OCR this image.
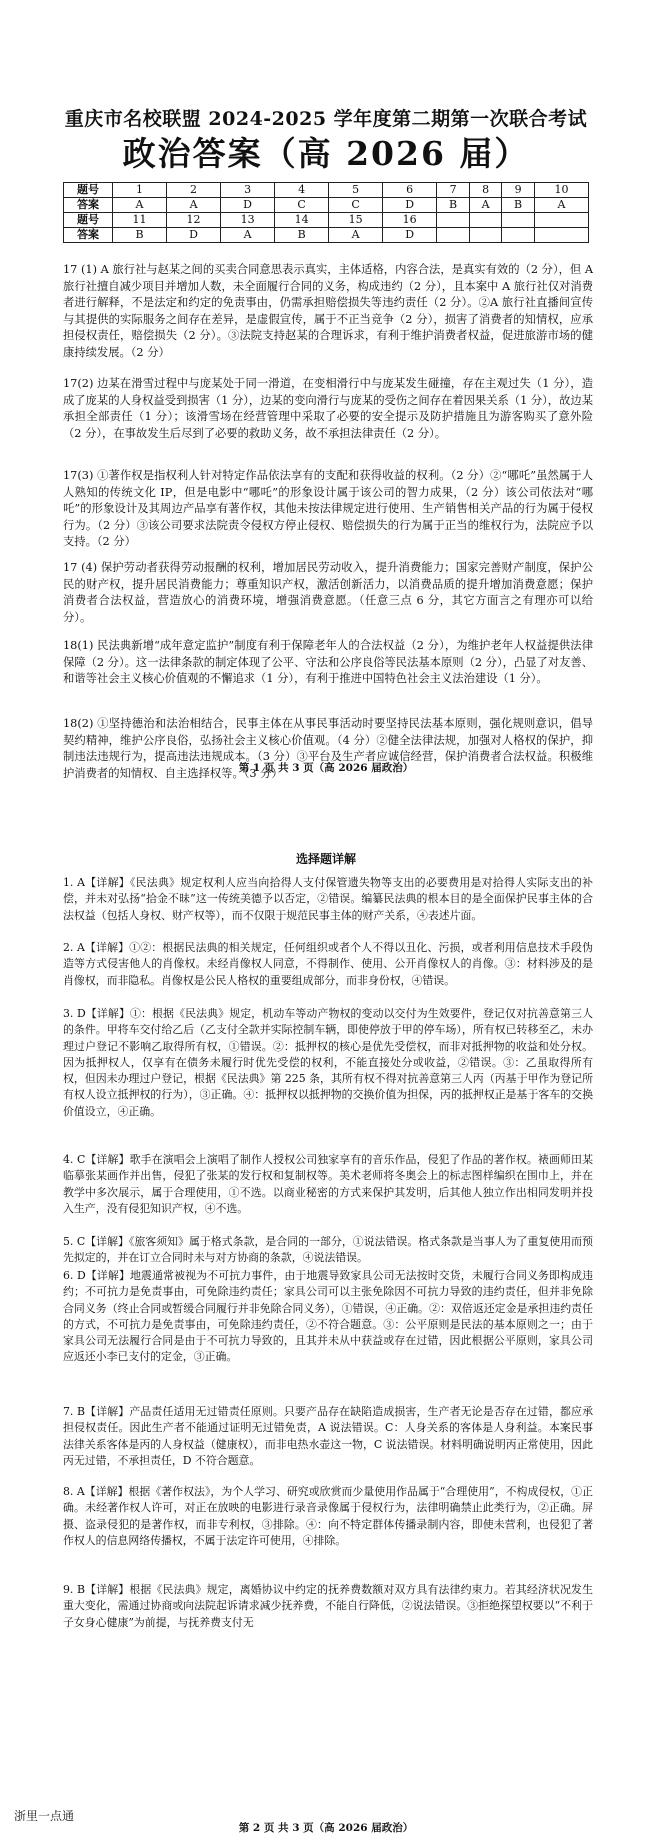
重庆市名校联盟 2024-2025 学年度第二期第一次联合考试
政治答案（高 2026 届）
题号	1	2	3	4	5	6	7	8	9	10
答案	A	A	D	C	C	D	B	A	B	A
题号	11	12	13	14	15	16				
答案	B	D	A	B	A	D				

17 (1) A 旅行社与赵某之间的买卖合同意思表示真实，主体适格，内容合法，是真实有效的（2 分），但 A 旅行社擅自减少项目并增加人数，未全面履行合同的义务，构成违约（2 分），且本案中 A 旅行社仅对消费者进行解释，不是法定和约定的免责事由，仍需承担赔偿损失等违约责任（2 分）。②A 旅行社直播间宣传与其提供的实际服务之间存在差异，是虚假宣传，属于不正当竞争（2 分），损害了消费者的知情权，应承担侵权责任，赔偿损失（2 分）。③法院支持赵某的合理诉求，有利于维护消费者权益，促进旅游市场的健康持续发展。（2 分）

17(2) 边某在滑雪过程中与庞某处于同一滑道，在变相滑行中与庞某发生碰撞，存在主观过失（1 分），造成了庞某的人身权益受到损害（1 分），边某的变向滑行与庞某的受伤之间存在着因果关系（1 分），故边某承担全部责任（1 分）；该滑雪场在经营管理中采取了必要的安全提示及防护措施且为游客购买了意外险（2 分），在事故发生后尽到了必要的救助义务，故不承担法律责任（2 分）。

17(3) ①著作权是指权利人针对特定作品依法享有的支配和获得收益的权利。（2 分）②“哪吒”虽然属于人人熟知的传统文化 IP，但是电影中“哪吒”的形象设计属于该公司的智力成果，（2 分）该公司依法对“哪吒”的形象设计及其周边产品享有著作权，其他未按法律规定进行使用、生产销售相关产品的行为属于侵权行为。（2 分）③该公司要求法院责令侵权方停止侵权、赔偿损失的行为属于正当的维权行为，法院应予以支持。（2 分）

17 (4) 保护劳动者获得劳动报酬的权利，增加居民劳动收入，提升消费能力；国家完善财产制度，保护公民的财产权，提升居民消费能力；尊重知识产权，激活创新活力，以消费品质的提升增加消费意愿；保护消费者合法权益，营造放心的消费环境，增强消费意愿。（任意三点 6 分，其它方面言之有理亦可以给分）。

18(1) 民法典新增“成年意定监护”制度有利于保障老年人的合法权益（2 分），为维护老年人权益提供法律保障（2 分）。这一法律条款的制定体现了公平、守法和公序良俗等民法基本原则（2 分），凸显了对友善、和谐等社会主义核心价值观的不懈追求（1 分），有利于推进中国特色社会主义法治建设（1 分）。

18(2) ①坚持德治和法治相结合，民事主体在从事民事活动时要坚持民法基本原则，强化规则意识，倡导契约精神，维护公序良俗，弘扬社会主义核心价值观。（4 分）②健全法律法规，加强对人格权的保护，抑制违法违规行为，提高违法违规成本。（3 分）③平台及生产者应诚信经营，保护消费者合法权益。积极维护消费者的知情权、自主选择权等。（3 分）

第 1 页 共 3 页（高 2026 届政治）
选择题详解

1. A【详解】《民法典》规定权利人应当向拾得人支付保管遗失物等支出的必要费用是对拾得人实际支出的补偿，并未对弘扬“拾金不昧”这一传统美德予以否定，②错误。编纂民法典的根本目的是全面保护民事主体的合法权益（包括人身权、财产权等），而不仅限于规范民事主体的财产关系，④表述片面。

2. A【详解】①②：根据民法典的相关规定，任何组织或者个人不得以丑化、污损，或者利用信息技术手段伪造等方式侵害他人的肖像权。未经肖像权人同意，不得制作、使用、公开肖像权人的肖像。③：材料涉及的是肖像权，而非隐私。肖像权是公民人格权的重要组成部分，而非身份权，④错误。

3. D【详解】①：根据《民法典》规定，机动车等动产物权的变动以交付为生效要件，登记仅对抗善意第三人的条件。甲将车交付给乙后（乙支付全款并实际控制车辆，即使停放于甲的停车场），所有权已转移至乙，未办理过户登记不影响乙取得所有权，①错误。②：抵押权的核心是优先受偿权，而非对抵押物的收益和处分权。因为抵押权人，仅享有在债务未履行时优先受偿的权利，不能直接处分或收益，②错误。③：乙虽取得所有权，但因未办理过户登记，根据《民法典》第 225 条，其所有权不得对抗善意第三人丙（丙基于甲作为登记所有权人设立抵押权的行为），③正确。④：抵押权以抵押物的交换价值为担保，丙的抵押权正是基于客车的交换价值设立，④正确。

4. C【详解】歌手在演唱会上演唱了制作人授权公司独家享有的音乐作品，侵犯了作品的著作权。裱画师田某临摹张某画作并出售，侵犯了张某的发行权和复制权等。美术老师将冬奥会上的标志图样编织在围巾上，并在教学中多次展示，属于合理使用，①不选。以商业秘密的方式来保护其发明，后其他人独立作出相同发明并投入生产，没有侵犯知识产权，④不选。

5. C【详解】《旅客须知》属于格式条款，是合同的一部分，①说法错误。格式条款是当事人为了重复使用而预先拟定的，并在订立合同时未与对方协商的条款，④说法错误。

6. D【详解】地震通常被视为不可抗力事件，由于地震导致家具公司无法按时交货，未履行合同义务即构成违约；不可抗力是免责事由，可免除违约责任；家具公司可以主张免除因不可抗力导致的违约责任，但并非免除合同义务（终止合同或暂缓合同履行并非免除合同义务），①错误，④正确。②：双倍返还定金是承担违约责任的方式，不可抗力是免责事由，可免除违约责任，②不符合题意。③：公平原则是民法的基本原则之一；由于家具公司无法履行合同是由于不可抗力导致的，且其并未从中获益或存在过错，因此根据公平原则，家具公司应返还小李已支付的定金，③正确。

7. B【详解】产品责任适用无过错责任原则。只要产品存在缺陷造成损害，生产者无论是否存在过错，都应承担侵权责任。因此生产者不能通过证明无过错免责，A 说法错误。C：人身关系的客体是人身利益。本案民事法律关系客体是丙的人身权益（健康权），而非电热水壶这一物，C 说法错误。材料明确说明丙正常使用，因此丙无过错，不承担责任，D 不符合题意。

8. A【详解】根据《著作权法》，为个人学习、研究或欣赏而少量使用作品属于“合理使用”，不构成侵权，①正确。未经著作权人许可，对正在放映的电影进行录音录像属于侵权行为，法律明确禁止此类行为，②正确。屏摄、盗录侵犯的是著作权，而非专利权，③排除。④：向不特定群体传播录制内容，即使未营利，也侵犯了著作权人的信息网络传播权，不属于法定许可使用，④排除。

9. B【详解】根据《民法典》规定，离婚协议中约定的抚养费数额对双方具有法律约束力。若其经济状况发生重大变化，需通过协商或向法院起诉请求减少抚养费，不能自行降低，②说法错误。③拒绝探望权要以“不利于子女身心健康”为前提，与抚养费支付无

第 2 页 共 3 页（高 2026 届政治）
浙里一点通
